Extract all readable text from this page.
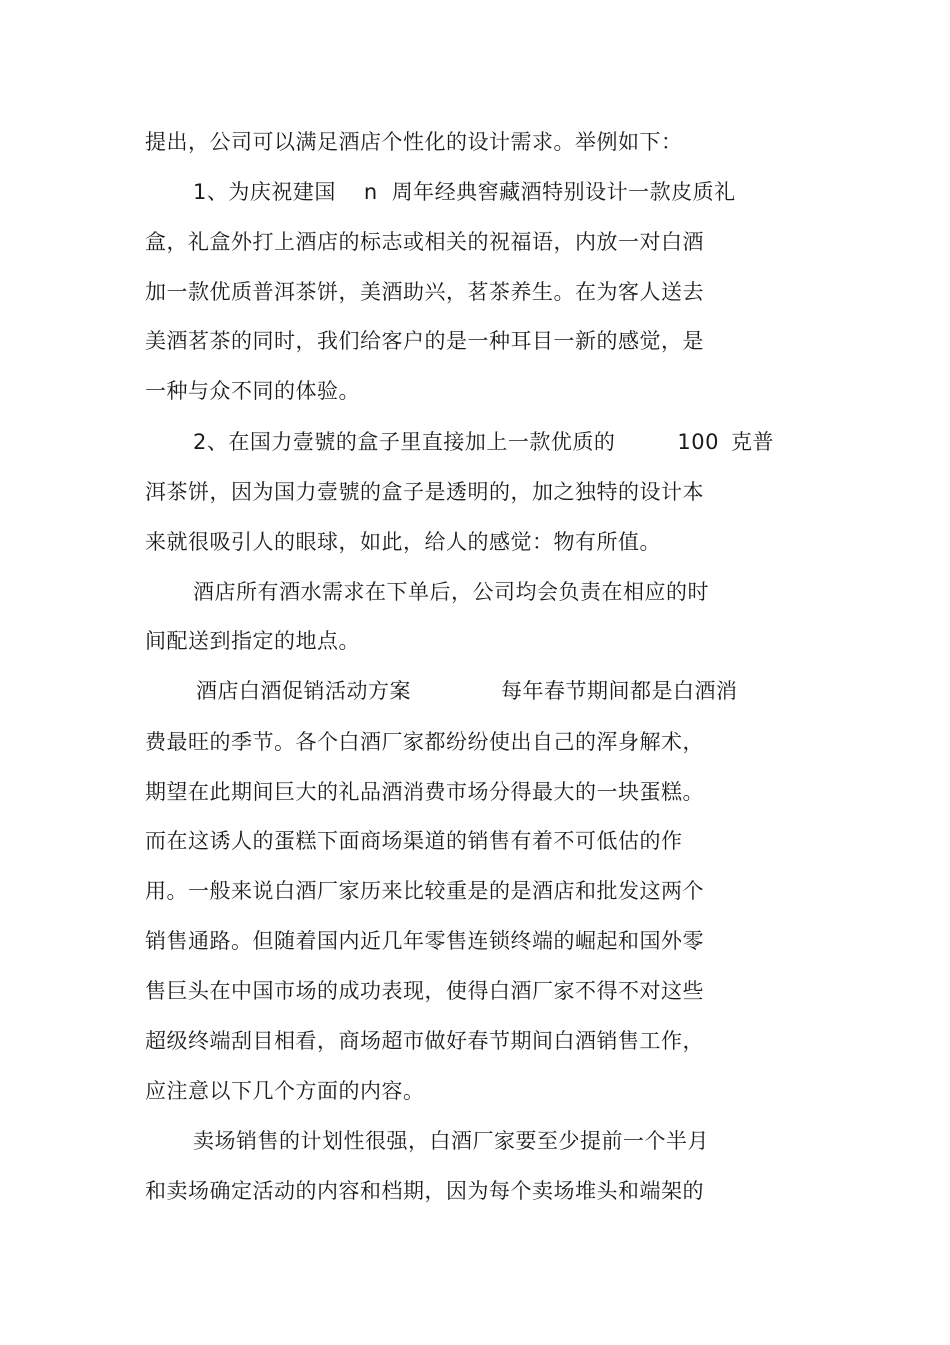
提出，公司可以满足酒店个性化的设计需求。举例如下：
1、为庆祝建国 n 周年经典窖藏酒特别设计一款皮质礼
盒，礼盒外打上酒店的标志或相关的祝福语，内放一对白酒
加一款优质普洱茶饼，美酒助兴，茗茶养生。在为客人送去
美酒茗茶的同时，我们给客户的是一种耳目一新的感觉，是
一种与众不同的体验。
2、在国力壹號的盒子里直接加上一款优质的	100 克普
洱茶饼，因为国力壹號的盒子是透明的，加之独特的设计本
来就很吸引人的眼球，如此，给人的感觉：物有所值。
酒店所有酒水需求在下单后，公司均会负责在相应的时
间配送到指定的地点。
酒店白酒促销活动方案	每年春节期间都是白酒消
费最旺的季节。各个白酒厂家都纷纷使出自己的浑身解术，
期望在此期间巨大的礼品酒消费市场分得最大的一块蛋糕。
而在这诱人的蛋糕下面商场渠道的销售有着不可低估的作
用。一般来说白酒厂家历来比较重是的是酒店和批发这两个
销售通路。但随着国内近几年零售连锁终端的崛起和国外零
售巨头在中国市场的成功表现，使得白酒厂家不得不对这些
超级终端刮目相看，商场超市做好春节期间白酒销售工作，
应注意以下几个方面的内容。
卖场销售的计划性很强，白酒厂家要至少提前一个半月
和卖场确定活动的内容和档期，因为每个卖场堆头和端架的
